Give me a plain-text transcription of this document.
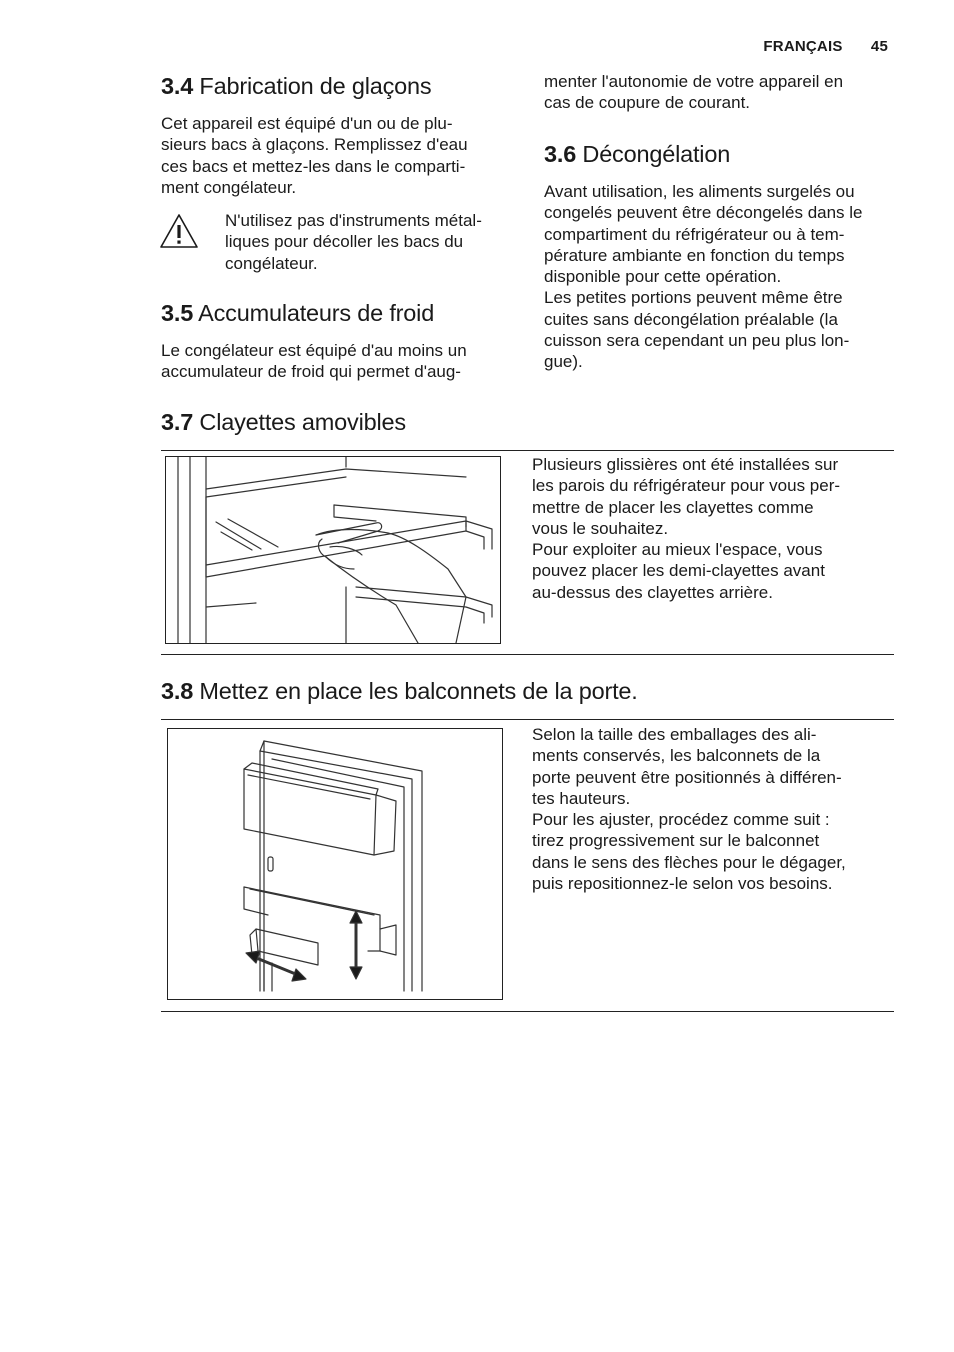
FRANÇAIS 45
3.4 Fabrication de glaçons

Cet appareil est équipé d'un ou de plu-
sieurs bacs à glaçons. Remplissez d'eau
ces bacs et mettez-les dans le comparti-
ment congélateur.

N'utilisez pas d'instruments métal-
liques pour décoller les bacs du
congélateur.

3.5 Accumulateurs de froid

Le congélateur est équipé d'au moins un
accumulateur de froid qui permet d'aug-

menter l'autonomie de votre appareil en
cas de coupure de courant.

3.6 Décongélation

Avant utilisation, les aliments surgelés ou
congelés peuvent être décongelés dans le
compartiment du réfrigérateur ou à tem-
pérature ambiante en fonction du temps
disponible pour cette opération.
Les petites portions peuvent même être
cuites sans décongélation préalable (la
cuisson sera cependant un peu plus lon-
gue).

3.7 Clayettes amovibles

Plusieurs glissières ont été installées sur
les parois du réfrigérateur pour vous per-
mettre de placer les clayettes comme
vous le souhaitez.
Pour exploiter au mieux l'espace, vous
pouvez placer les demi-clayettes avant
au-dessus des clayettes arrière.

3.8 Mettez en place les balconnets de la porte.

Selon la taille des emballages des ali-
ments conservés, les balconnets de la
porte peuvent être positionnés à différen-
tes hauteurs.
Pour les ajuster, procédez comme suit :
tirez progressivement sur le balconnet
dans le sens des flèches pour le dégager,
puis repositionnez-le selon vos besoins.
